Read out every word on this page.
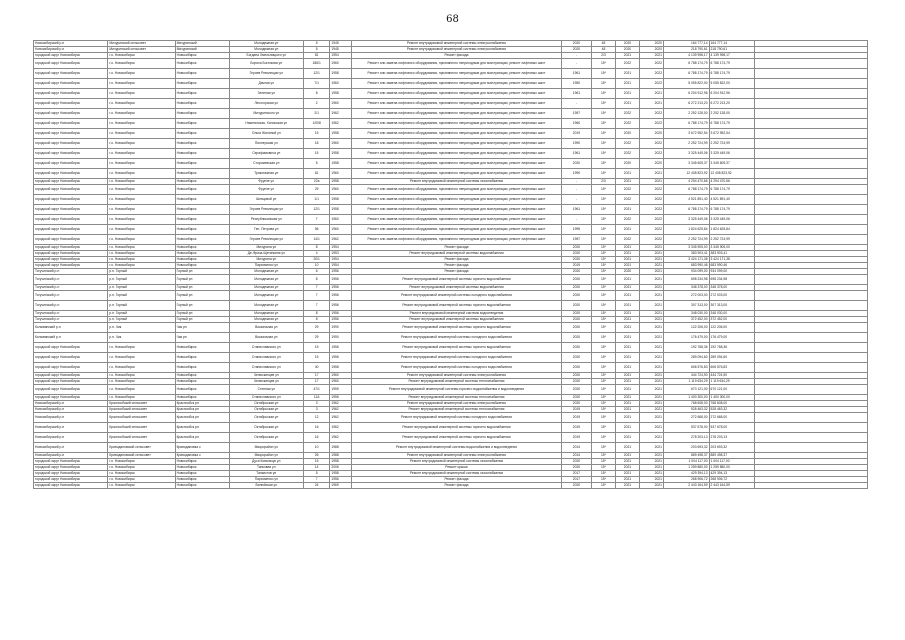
68
Новосибирский р-н	Мичуринский сельсовет	Мичуринский	Молодежная ул	5	1945	Ремонт внутридомовой инженерной системы электроснабжения	2020	48	2020	2020	164 777,14	164 777,14	
Новосибирский р-н	Мичуринский сельсовет	Мичуринский	Молодежная ул	5	1945	Ремонт внутридомовой инженерной системы электроснабжения	2020	48	2020	2020	218 790,61	218 790,61	
городской округ Новосибирск	г.о. Новосибирск	Новосибирск	Богдана Хмельницкого ул	81	1954	Ремонт фасада	-	2/3	2021	2021	4 139 998,17	4 139 998,17	
городской округ Новосибирск	г.о. Новосибирск	Новосибирск	Бориса Богаткова ул	186/1	1960	Ремонт или замена лифтового оборудования, признанного непригодным для эксплуатации, ремонт лифтовых шахт	-	15*	2022	2022	6 788 174,79	6 788 174,79	
городской округ Новосибирск	г.о. Новосибирск	Новосибирск	Героев Революции ул	12/1	1958	Ремонт или замена лифтового оборудования, признанного непригодным для эксплуатации, ремонт лифтовых шахт	1961	15*	2021	2022	6 788 174,79	6 788 174,79	
городской округ Новосибирск	г.о. Новосибирск	Новосибирск	Дачная ул	7/1	1960	Ремонт или замена лифтового оборудования, признанного непригодным для эксплуатации, ремонт лифтовых шахт	1950	15*	2021	2022	5 055 822,00	5 055 822,00	
городской округ Новосибирск	г.о. Новосибирск	Новосибирск	Зеленая ул	8	1958	Ремонт или замена лифтового оборудования, признанного непригодным для эксплуатации, ремонт лифтовых шахт	1961	15*	2021	2021	6 204 912,96	6 204 912,96	
городской округ Новосибирск	г.о. Новосибирск	Новосибирск	Лесогорская ул	2	1960	Ремонт или замена лифтового оборудования, признанного непригодным для эксплуатации, ремонт лифтовых шахт	-	15*	2021	2021	6 272 213,20	6 272 213,20	
городской округ Новосибирск	г.о. Новосибирск	Новосибирск	Мичуринского ул	2/1	1962	Ремонт или замена лифтового оборудования, признанного непригодным для эксплуатации, ремонт лифтовых шахт	1957	15*	2022	2022	2 252 128,00	2 252 128,00	
городской округ Новосибирск	г.о. Новосибирск	Новосибирск	Никитинская, Хилокская ул	1/008	1962	Ремонт или замена лифтового оборудования, признанного непригодным для эксплуатации, ремонт лифтовых шахт	1960	15*	2022	2022	6 788 174,79	6 788 174,79	
городской округ Новосибирск	г.о. Новосибирск	Новосибирск	Ольги Жилиной ул	15	1958	Ремонт или замена лифтового оборудования, признанного непригодным для эксплуатации, ремонт лифтовых шахт	2019	15*	2020	2020	3 672 952,54	3 672 952,54	
городской округ Новосибирск	г.о. Новосибирск	Новосибирск	Пионерская ул	18	1960	Ремонт или замена лифтового оборудования, признанного непригодным для эксплуатации, ремонт лифтовых шахт	1990	15*	2022	2022	2 252 724,99	2 252 724,99	
городской округ Новосибирск	г.о. Новосибирск	Новосибирск	Серафимовича ул	15	1958	Ремонт или замена лифтового оборудования, признанного непригодным для эксплуатации, ремонт лифтовых шахт	1961	15*	2022	2022	3 325 449,06	3 325 449,06	
городской округ Новосибирск	г.о. Новосибирск	Новосибирск	Сторожевская ул	5	1958	Ремонт или замена лифтового оборудования, признанного непригодным для эксплуатации, ремонт лифтовых шахт	2020	15*	2020	2020	3 345 605,37	3 345 605,37	
городской округ Новосибирск	г.о. Новосибирск	Новосибирск	Трикотажная ул	61	1960	Ремонт или замена лифтового оборудования, признанного непригодным для эксплуатации, ремонт лифтовых шахт	1990	15*	2021	2021	12 408 823,92	12 408 823,92	
городской округ Новосибирск	г.о. Новосибирск	Новосибирск	Фрунзе ул	22а	1958	Ремонт внутридомовой инженерной системы газоснабжения	-	2/3	2021	2021	4 294 470,66	4 294 470,66	
городской округ Новосибирск	г.о. Новосибирск	Новосибирск	Фрунзе ул	29	1960	Ремонт или замена лифтового оборудования, признанного непригодным для эксплуатации, ремонт лифтовых шахт	-	15*	2022	2022	6 788 174,79	6 788 174,79	
городской округ Новосибирск	г.о. Новосибирск	Новосибирск	Шевцовой ул	1/1	1958	Ремонт или замена лифтового оборудования, признанного непригодным для эксплуатации, ремонт лифтовых шахт	-	15*	2022	2022	4 521 891,40	4 521 891,40	
городской округ Новосибирск	г.о. Новосибирск	Новосибирск	Героев Революции ул	12/1	1958	Ремонт или замена лифтового оборудования, признанного непригодным для эксплуатации, ремонт лифтовых шахт	1961	15*	2021	2022	6 788 174,79	6 788 174,79	
городской округ Новосибирск	г.о. Новосибирск	Новосибирск	Республиканская ул	7	1960	Ремонт или замена лифтового оборудования, признанного непригодным для эксплуатации, ремонт лифтовых шахт	-	15*	2022	2022	3 325 449,06	3 325 449,06	
городской округ Новосибирск	г.о. Новосибирск	Новосибирск	Ген. Петрова ул	56	1960	Ремонт или замена лифтового оборудования, признанного непригодным для эксплуатации, ремонт лифтовых шахт	1995	15*	2021	2022	1 824 625,84	1 824 625,84	
городской округ Новосибирск	г.о. Новосибирск	Новосибирск	Героев Революции ул	14/1	1962	Ремонт или замена лифтового оборудования, признанного непригодным для эксплуатации, ремонт лифтовых шахт	1957	15*	2022	2022	2 252 724,99	2 252 724,99	
городской округ Новосибирск	г.о. Новосибирск	Новосибирск	Мичурина ул	8	1954	Ремонт фасада	2020	15*	2021	2021	3 345 905,00	3 345 905,00	
городской округ Новосибирск	г.о. Новосибирск	Новосибирск	Де-Фриза-Щетинкина ул	4	1953	Ремонт внутридомовой инженерной системы водоснабжения	2020	15*	2021	2021	383 903,41	383 903,41	
городской округ Новосибирск	г.о. Новосибирск	Новосибирск	Мичурина ул	20/1	1954	Ремонт фасада	2020	15*	2021	2021	3 424 171,38	3 424 171,38	
городской округ Новосибирск	г.о. Новосибирск	Новосибирск	Пархоменко ул	10	1954	Ремонт фасада	2019	15*	2021	2021	683 990,46	683 990,46	
Тогучинский р-н	р.п. Горный	Горный рп	Молодежная ул	6	1956	Ремонт фасада	2020	15*	2020	2021	934 099,00	934 099,00	
Тогучинский р-н	р.п. Горный	Горный рп	Молодежная ул	8	1956	Ремонт внутридомовой инженерной системы горячего водоснабжения	2020	15*	2021	2021	698 234,98	698 234,98	
Тогучинский р-н	р.п. Горный	Горный рп	Молодежная ул	7	1956	Ремонт внутридомовой инженерной системы водоснабжения	2020	15*	2021	2021	348 378,00	348 378,00	
Тогучинский р-н	р.п. Горный	Горный рп	Молодежная ул	7	1956	Ремонт внутридомовой инженерной системы холодного водоснабжения	2020	15*	2021	2021	272 003,00	272 003,00	
Тогучинский р-н	р.п. Горный	Горный рп	Молодежная ул	7	1956	Ремонт внутридомовой инженерной системы горячего водоснабжения	2020	15*	2021	2021	307 313,00	307 313,00	
Тогучинский р-н	р.п. Горный	Горный рп	Молодежная ул	8	1956	Ремонт внутридомовой инженерной системы водоотведения	2020	15*	2021	2021	348 030,00	348 030,00	
Тогучинский р-н	р.п. Горный	Горный рп	Молодежная ул	8	1956	Ремонт внутридомовой инженерной системы водоснабжения	2020	15*	2021	2021	372 452,00	372 452,00	
Колыванский р-н	р.п. Чик	Чик рп	Вокзальная ул	29	1990	Ремонт внутридомовой инженерной системы горячего водоснабжения	2020	15*	2021	2021	122 206,00	122 206,00	
Колыванский р-н	р.п. Чик	Чик рп	Вокзальная ул	29	1990	Ремонт внутридомовой инженерной системы холодного водоснабжения	2020	15*	2021	2021	176 479,00	176 479,00	
городской округ Новосибирск	г.о. Новосибирск	Новосибирск	Станиславского ул	15	1956	Ремонт внутридомовой инженерной системы горячего водоснабжения	2020	15*	2021	2021	192 768,36	192 768,36	
городской округ Новосибирск	г.о. Новосибирск	Новосибирск	Станиславского ул	15	1956	Ремонт внутридомовой инженерной системы холодного водоснабжения	2020	15*	2021	2021	289 094,60	289 094,60	
городской округ Новосибирск	г.о. Новосибирск	Новосибирск	Станиславского ул	40	1958	Ремонт внутридомовой инженерной системы холодного водоснабжения	2020	15*	2021	2021	606 576,83	606 576,83	
городской округ Новосибирск	г.о. Новосибирск	Новосибирск	Челюскинцев ул	17	1960	Ремонт внутридомовой инженерной системы электроснабжения	2020	15*	2021	2021	444 724,90	444 724,90	
городской округ Новосибирск	г.о. Новосибирск	Новосибирск	Челюскинцев ул	17	1960	Ремонт внутридомовой инженерной системы теплоснабжения	2020	15*	2021	2021	1 119 634,29	1 119 634,29	
городской округ Новосибирск	г.о. Новосибирск	Новосибирск	Степная ул	47/1	1959	Ремонт внутридомовой инженерной системы горячего водоснабжения и водоотведения	2020	15*	2021	2021	670 121,00	670 121,00	
городской округ Новосибирск	г.о. Новосибирск	Новосибирск	Станиславского ул	11А	1956	Ремонт внутридомовой инженерной системы теплоснабжения	2020	15*	2021	2021	1 400 300,00	1 400 300,00	
Новосибирский р-н	Краснообский сельсовет	Краснообск рп	Октябрьская ул	3	1962	Ремонт внутридомовой инженерной системы электроснабжения	2020	15*	2021	2021	768 608,00	768 608,00	
Новосибирский р-н	Краснообский сельсовет	Краснообск рп	Октябрьская ул	3	1962	Ремонт внутридомовой инженерной системы теплоснабжения	2019	15*	2021	2021	528 463,32	528 463,32	
Новосибирский р-н	Краснообский сельсовет	Краснообск рп	Октябрьская ул	12	1962	Ремонт внутридомовой инженерной системы холодного водоснабжения	2019	15*	2021	2021	272 668,00	272 668,00	
Новосибирский р-н	Краснообский сельсовет	Краснообск рп	Октябрьская ул	16	1962	Ремонт внутридомовой инженерной системы горячего водоснабжения	2019	15*	2021	2021	537 678,00	537 678,00	
Новосибирский р-н	Краснообский сельсовет	Краснообск рп	Октябрьская ул	16	1962	Ремонт внутридомовой инженерной системы горячего водоснабжения	2019	15*	2021	2021	278 203,13	278 203,13	
Новосибирский р-н	Криводановский сельсовет	Криводановка с	Микрорайон ул	10	1988	Ремонт внутридомовой инженерной системы водоснабжения и водоотведения	2014	15*	2021	2021	203 693,32	203 693,32	
Новосибирский р-н	Криводановский сельсовет	Криводановка с	Микрорайон ул	26	1988	Ремонт внутридомовой инженерной системы электроснабжения	2014	15*	2021	2021	889 498,37	889 498,37	
городской округ Новосибирск	г.о. Новосибирск	Новосибирск	Дуси Ковальчук ул	15	1958	Ремонт внутридомовой инженерной системы газоснабжения	2020	15*	2021	2021	1 004 117,00	1 004 117,00	
городской округ Новосибирск	г.о. Новосибирск	Новосибирск	Танковая ул	14	2006	Ремонт крыши	2020	15*	2021	2021	1 259 880,00	1 259 880,00	
городской округ Новосибирск	г.о. Новосибирск	Новосибирск	Танкистов ул	5	1958	Ремонт внутридомовой инженерной системы газоснабжения	2017	15*	2021	2021	429 394,13	429 394,13	
городской округ Новосибирск	г.о. Новосибирск	Новосибирск	Пархоменко ул	7	1956	Ремонт фасада	2017	15*	2021	2021	268 906,72	268 906,72	
городской округ Новосибирск	г.о. Новосибирск	Новосибирск	Вилюйская ул	24	1969	Ремонт фасада	2020	15*	2021	2021	2 443 164,59	2 443 164,59	
